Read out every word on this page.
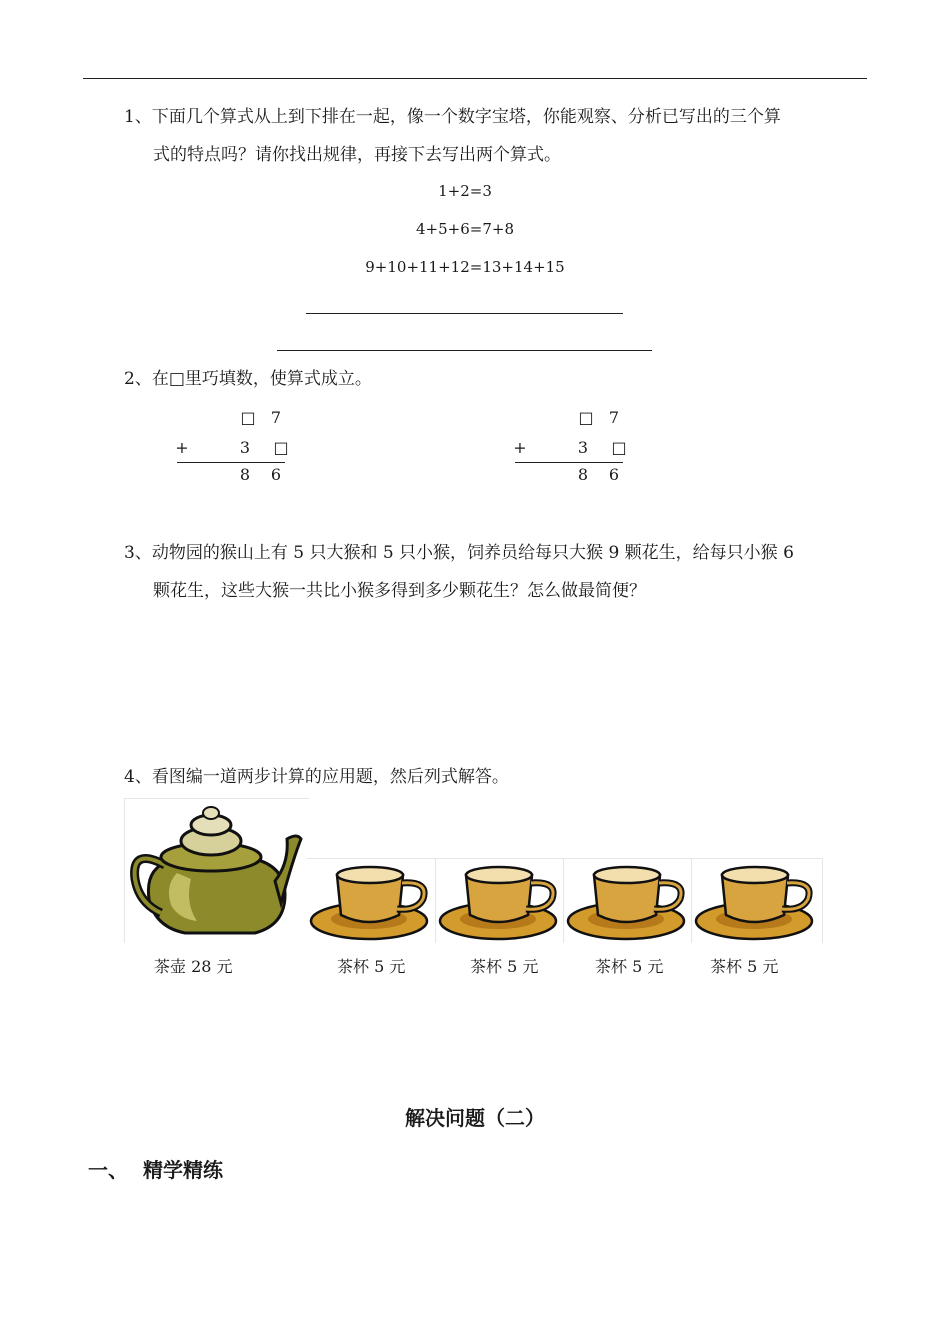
1、下面几个算式从上到下排在一起，像一个数字宝塔，你能观察、分析已写出的三个算
式的特点吗？请你找出规律，再接下去写出两个算式。
1+2=3
4+5+6=7+8
9+10+11+12=13+14+15
2、在□里巧填数，使算式成立。
□ 7
+	3	□
8	6
□ 7
+	3	□
8	6
3、动物园的猴山上有 5 只大猴和 5 只小猴，饲养员给每只大猴 9 颗花生，给每只小猴 6
颗花生，这些大猴一共比小猴多得到多少颗花生？怎么做最简便？
4、看图编一道两步计算的应用题，然后列式解答。
茶壶 28 元	茶杯 5 元	茶杯 5 元	茶杯 5 元	茶杯 5 元
解决问题（二）
一、 精学精练
